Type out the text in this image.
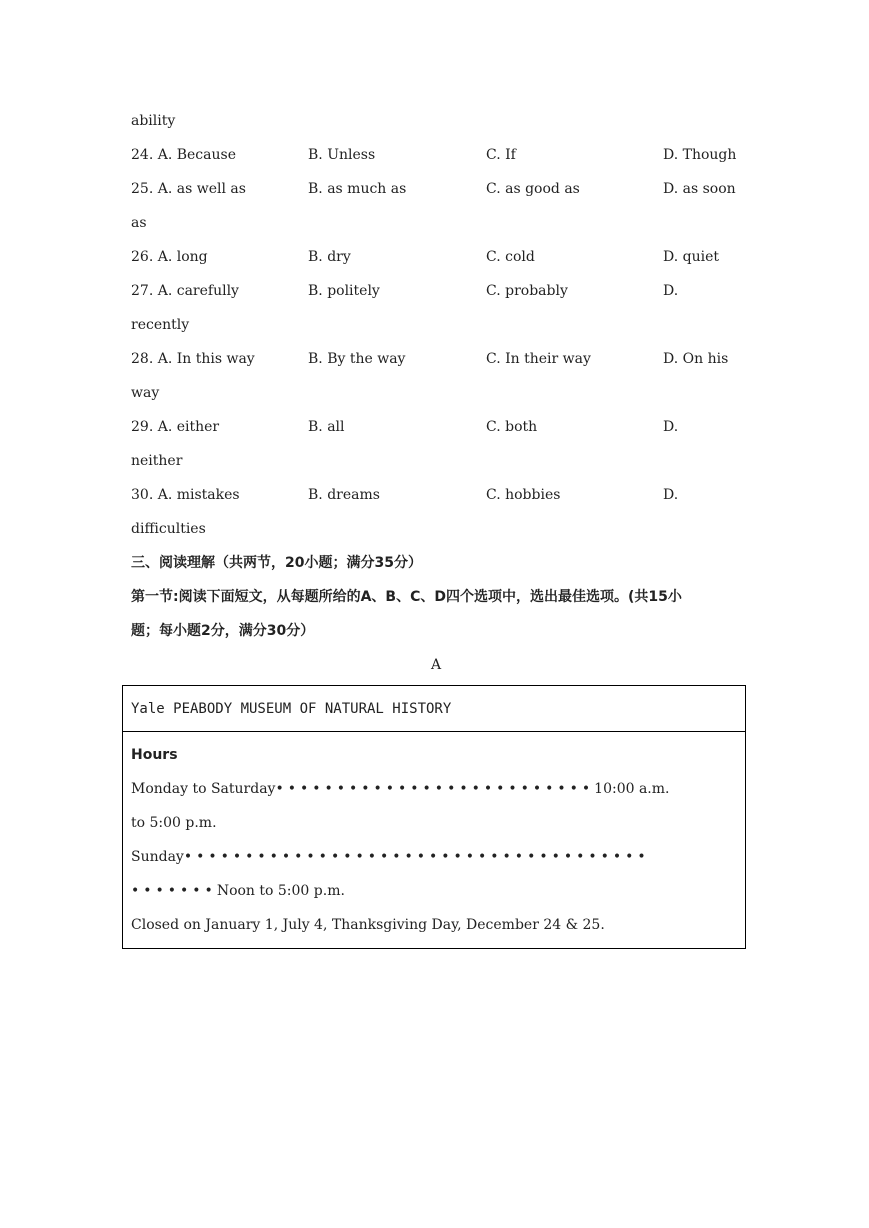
ability
24. A. Because	B. Unless	C. If	D. Though
25. A. as well as	B. as much as	C. as good as	D. as soon
as
26. A. long	B. dry	C. cold	D. quiet
27. A. carefully	B. politely	C. probably	D.
recently
28. A. In this way	B. By the way	C. In their way	D. On his
way
29. A. either	B. all	C. both	D.
neither
30. A. mistakes	B. dreams	C. hobbies	D.
difficulties
三、阅读理解（共两节，20小题；满分35分）
第一节:阅读下面短文，从每题所给的A、B、C、D四个选项中，选出最佳选项。(共15小
题；每小题2分，满分30分）
A
Yale PEABODY MUSEUM OF NATURAL HISTORY
Hours
Monday to Saturday••••••••••••••••••••••••••10:00 a.m.
to 5:00 p.m.
Sunday••••••••••••••••••••••••••••••••••••••
•••••••Noon to 5:00 p.m.
Closed on January 1, July 4, Thanksgiving Day, December 24 & 25.
